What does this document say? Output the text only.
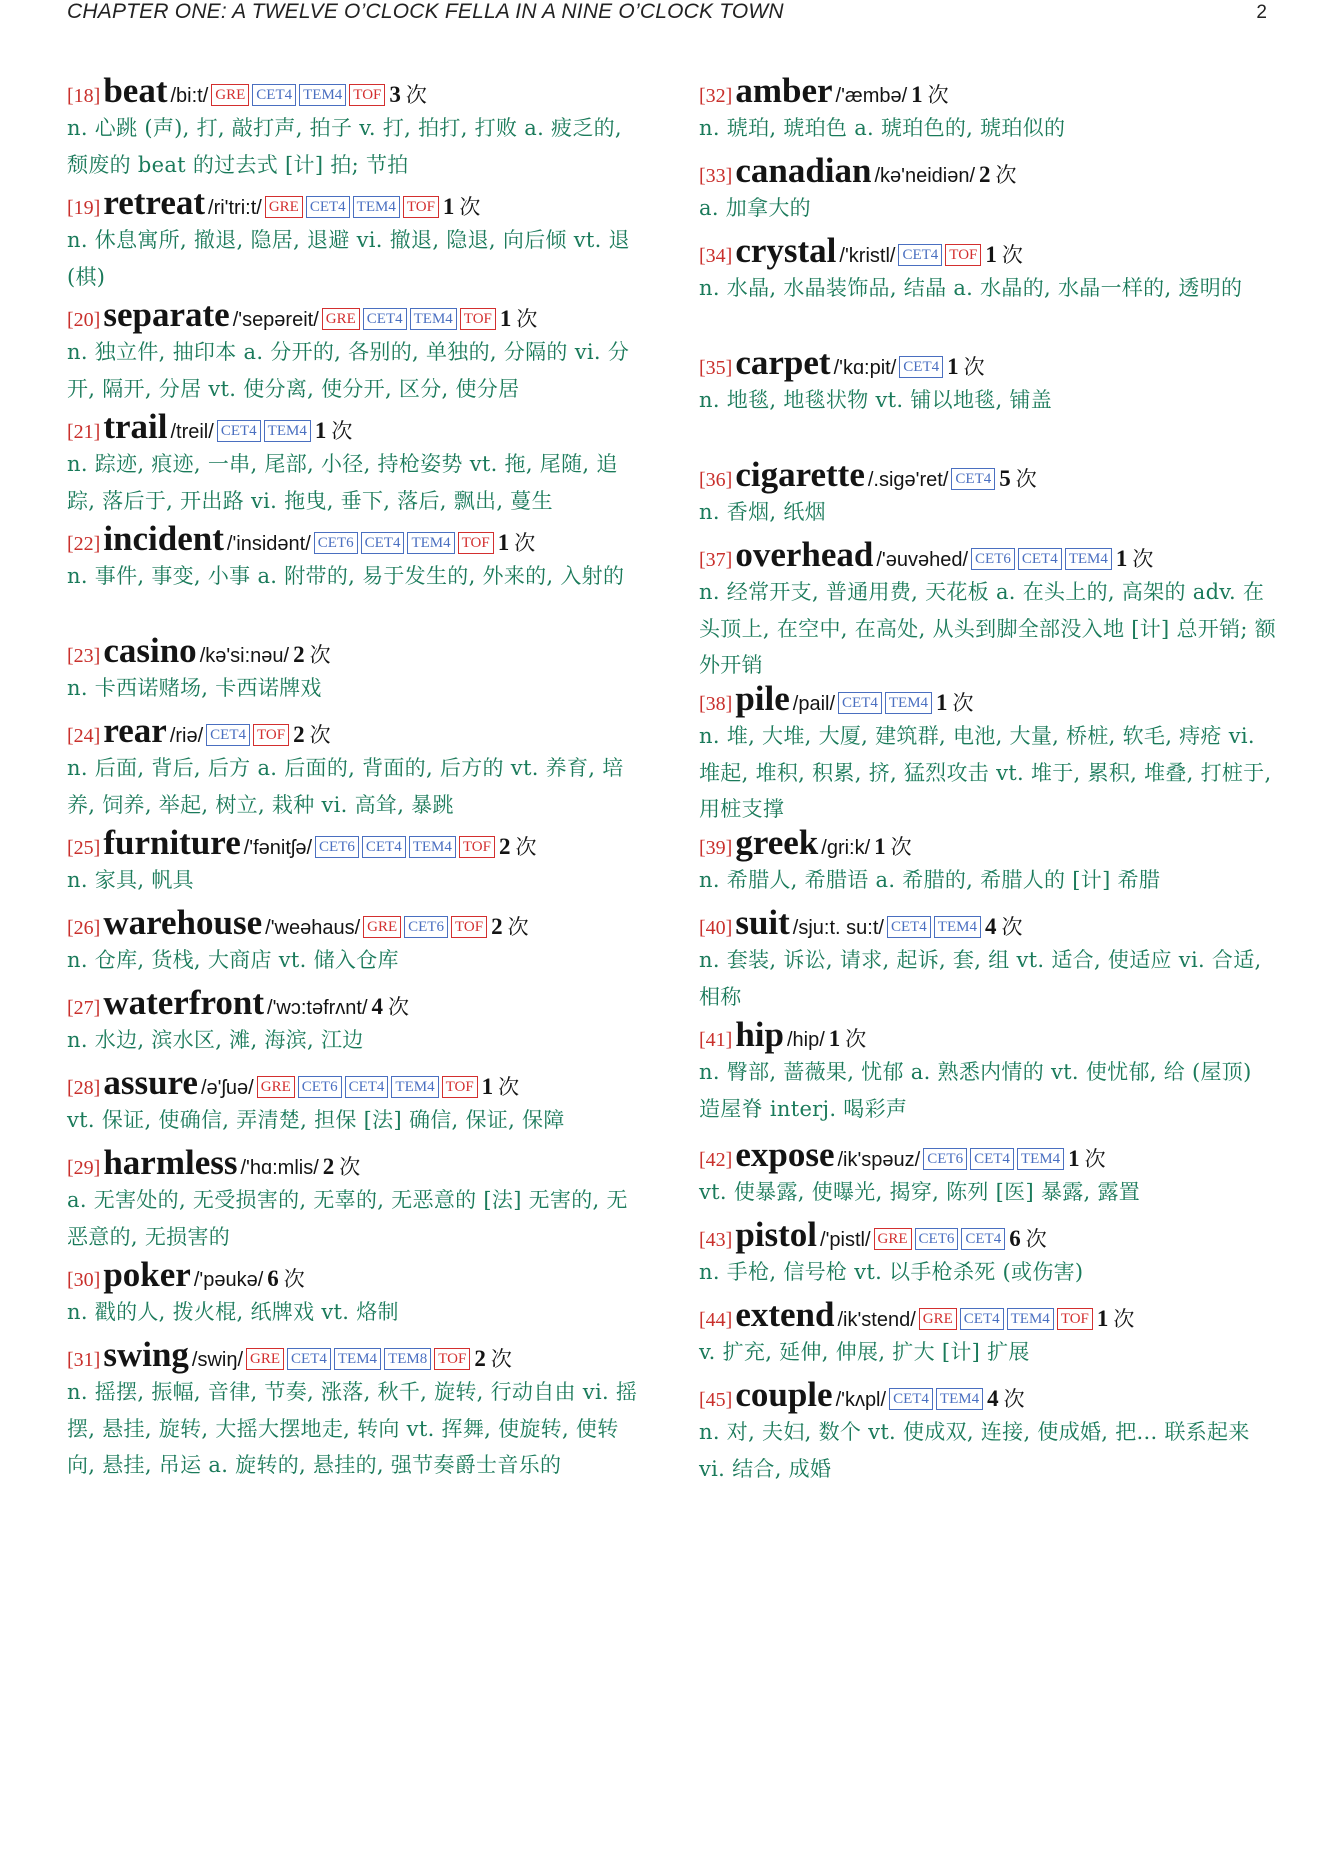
CHAPTER ONE: A TWELVE O’CLOCK FELLA IN A NINE O’CLOCK TOWN	2
[18]beat /bi:t/ GRE CET4 TEM4 TOF 3 次
n. 心跳 (声), 打, 敲打声, 拍子 v. 打, 拍打, 打败 a. 疲乏的, 颓废的 beat 的过去式 [计] 拍; 节拍
[19]retreat /ri'tri:t/ GRE CET4 TEM4 TOF 1 次
n. 休息寓所, 撤退, 隐居, 退避 vi. 撤退, 隐退, 向后倾 vt. 退 (棋)
[20]separate /'sepəreit/ GRE CET4 TEM4 TOF 1 次
n. 独立件, 抽印本 a. 分开的, 各别的, 单独的, 分隔的 vi. 分开, 隔开, 分居 vt. 使分离, 使分开, 区分, 使分居
[21]trail /treil/ CET4 TEM4 1 次
n. 踪迹, 痕迹, 一串, 尾部, 小径, 持枪姿势 vt. 拖, 尾随, 追踪, 落后于, 开出路 vi. 拖曳, 垂下, 落后, 飘出, 蔓生
[22]incident /'insidənt/ CET6 CET4 TEM4 TOF 1 次
n. 事件, 事变, 小事 a. 附带的, 易于发生的, 外来的, 入射的
[23]casino /kə'si:nəu/ 2 次
n. 卡西诺赌场, 卡西诺牌戏
[24]rear /riə/ CET4 TOF 2 次
n. 后面, 背后, 后方 a. 后面的, 背面的, 后方的 vt. 养育, 培养, 饲养, 举起, 树立, 栽种 vi. 高耸, 暴跳
[25]furniture /'fənitʃə/ CET6 CET4 TEM4 TOF 2 次
n. 家具, 帆具
[26]warehouse /'weəhaus/ GRE CET6 TOF 2 次
n. 仓库, 货栈, 大商店 vt. 储入仓库
[27]waterfront /'wɔ:təfrʌnt/ 4 次
n. 水边, 滨水区, 滩, 海滨, 江边
[28]assure /ə'ʃuə/ GRE CET6 CET4 TEM4 TOF 1 次
vt. 保证, 使确信, 弄清楚, 担保 [法] 确信, 保证, 保障
[29]harmless /'hɑ:mlis/ 2 次
a. 无害处的, 无受损害的, 无辜的, 无恶意的 [法] 无害的, 无恶意的, 无损害的
[30]poker /'pəukə/ 6 次
n. 戳的人, 拨火棍, 纸牌戏 vt. 烙制
[31]swing /swiŋ/ GRE CET4 TEM4 TEM8 TOF 2 次
n. 摇摆, 振幅, 音律, 节奏, 涨落, 秋千, 旋转, 行动自由 vi. 摇摆, 悬挂, 旋转, 大摇大摆地走, 转向 vt. 挥舞, 使旋转, 使转向, 悬挂, 吊运 a. 旋转的, 悬挂的, 强节奏爵士音乐的
[32]amber /'æmbə/ 1 次
n. 琥珀, 琥珀色 a. 琥珀色的, 琥珀似的
[33]canadian /kə'neidiən/ 2 次
a. 加拿大的
[34]crystal /'kristl/ CET4 TOF 1 次
n. 水晶, 水晶装饰品, 结晶 a. 水晶的, 水晶一样的, 透明的
[35]carpet /'kɑ:pit/ CET4 1 次
n. 地毯, 地毯状物 vt. 铺以地毯, 铺盖
[36]cigarette /.sigə'ret/ CET4 5 次
n. 香烟, 纸烟
[37]overhead /'əuvəhed/ CET6 CET4 TEM4 1 次
n. 经常开支, 普通用费, 天花板 a. 在头上的, 高架的 adv. 在头顶上, 在空中, 在高处, 从头到脚全部没入地 [计] 总开销; 额外开销
[38]pile /pail/ CET4 TEM4 1 次
n. 堆, 大堆, 大厦, 建筑群, 电池, 大量, 桥桩, 软毛, 痔疮 vi. 堆起, 堆积, 积累, 挤, 猛烈攻击 vt. 堆于, 累积, 堆叠, 打桩于, 用桩支撑
[39]greek /gri:k/ 1 次
n. 希腊人, 希腊语 a. 希腊的, 希腊人的 [计] 希腊
[40]suit /sju:t. su:t/ CET4 TEM4 4 次
n. 套装, 诉讼, 请求, 起诉, 套, 组 vt. 适合, 使适应 vi. 合适, 相称
[41]hip /hip/ 1 次
n. 臀部, 蔷薇果, 忧郁 a. 熟悉内情的 vt. 使忧郁, 给 (屋顶) 造屋脊 interj. 喝彩声
[42]expose /ik'spəuz/ CET6 CET4 TEM4 1 次
vt. 使暴露, 使曝光, 揭穿, 陈列 [医] 暴露, 露置
[43]pistol /'pistl/ GRE CET6 CET4 6 次
n. 手枪, 信号枪 vt. 以手枪杀死 (或伤害)
[44]extend /ik'stend/ GRE CET4 TEM4 TOF 1 次
v. 扩充, 延伸, 伸展, 扩大 [计] 扩展
[45]couple /'kʌpl/ CET4 TEM4 4 次
n. 对, 夫妇, 数个 vt. 使成双, 连接, 使成婚, 把... 联系起来 vi. 结合, 成婚
